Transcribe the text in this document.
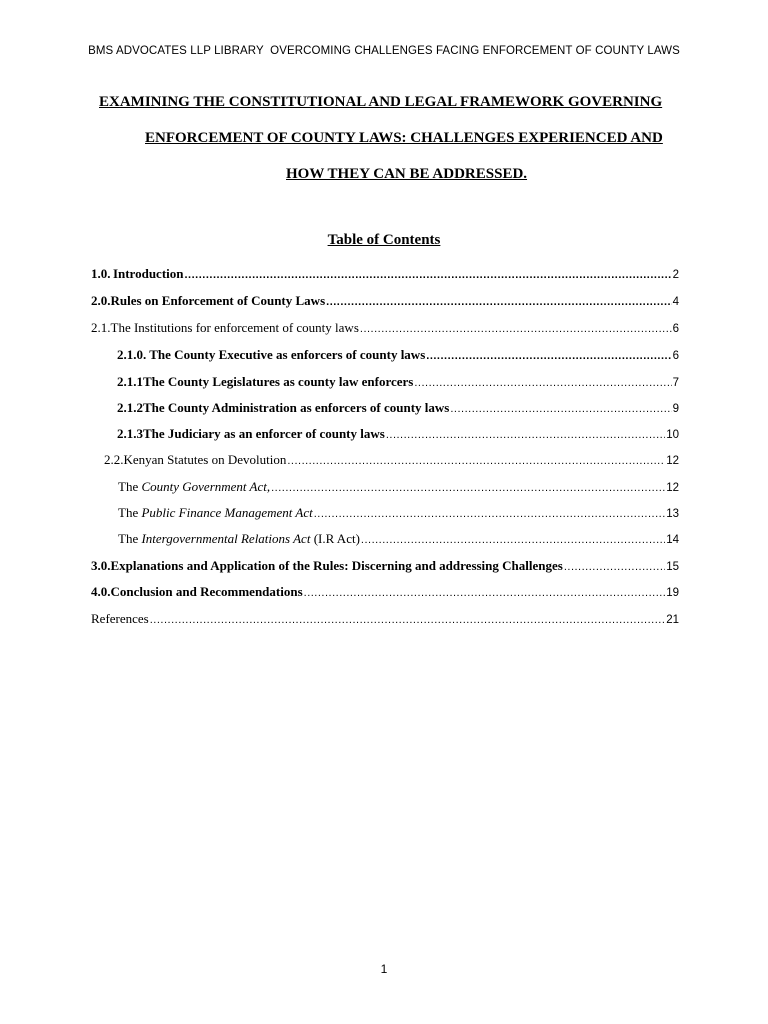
BMS ADVOCATES LLP LIBRARY  OVERCOMING CHALLENGES FACING ENFORCEMENT OF COUNTY LAWS
EXAMINING THE CONSTITUTIONAL AND LEGAL FRAMEWORK GOVERNING
ENFORCEMENT OF COUNTY LAWS: CHALLENGES EXPERIENCED AND
HOW THEY CAN BE ADDRESSED.
Table of Contents
1.0. Introduction .....	2
2.0. Rules on Enforcement of County Laws .....	4
2.1. The Institutions for enforcement of county laws .....	6
2.1.0. The County Executive as enforcers of county laws .....	6
2.1.1 The County Legislatures as county law enforcers .....	7
2.1.2 The County Administration as enforcers of county laws .....	9
2.1.3 The Judiciary as an enforcer of county laws .....	10
2.2. Kenyan Statutes on Devolution .....	12
The County Government Act, .....	12
The Public Finance Management Act .....	13
The Intergovernmental Relations Act (I.R Act) .....	14
3.0. Explanations and Application of the Rules: Discerning and addressing Challenges .....	15
4.0. Conclusion and Recommendations .....	19
References .....	21
1
